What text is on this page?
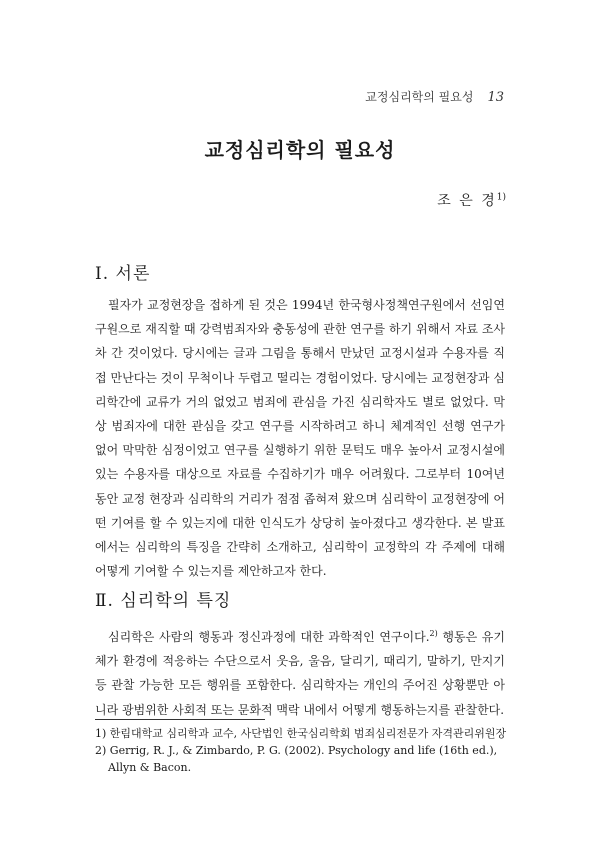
교정심리학의 필요성 13
교정심리학의 필요성
조 은 경$^{1)}$
Ⅰ. 서론

필자가 교정현장을 접하게 된 것은 1994년 한국형사정책연구원에서 선임연구원으로 재직할 때 강력범죄자와 충동성에 관한 연구를 하기 위해서 자료 조사차 간 것이었다. 당시에는 글과 그림을 통해서 만났던 교정시설과 수용자를 직접 만난다는 것이 무척이나 두렵고 떨리는 경험이었다. 당시에는 교정현장과 심리학간에 교류가 거의 없었고 범죄에 관심을 가진 심리학자도 별로 없었다. 막상 범죄자에 대한 관심을 갖고 연구를 시작하려고 하니 체계적인 선행 연구가 없어 막막한 심정이었고 연구를 실행하기 위한 문턱도 매우 높아서 교정시설에 있는 수용자를 대상으로 자료를 수집하기가 매우 어려웠다. 그로부터 10여년 동안 교정 현장과 심리학의 거리가 점점 좁혀져 왔으며 심리학이 교정현장에 어떤 기여를 할 수 있는지에 대한 인식도가 상당히 높아졌다고 생각한다. 본 발표에서는 심리학의 특징을 간략히 소개하고, 심리학이 교정학의 각 주제에 대해 어떻게 기여할 수 있는지를 제안하고자 한다.

Ⅱ. 심리학의 특징

심리학은 사람의 행동과 정신과정에 대한 과학적인 연구이다.$^{2)}$ 행동은 유기체가 환경에 적응하는 수단으로서 웃음, 울음, 달리기, 때리기, 말하기, 만지기 등 관찰 가능한 모든 행위를 포함한다. 심리학자는 개인의 주어진 상황뿐만 아니라 광범위한 사회적 또는 문화적 맥락 내에서 어떻게 행동하는지를 관찰한다.

1) 한림대학교 심리학과 교수, 사단법인 한국심리학회 범죄심리전문가 자격관리위원장
2) Gerrig, R. J., & Zimbardo, P. G. (2002). Psychology and life (16th ed.), Allyn & Bacon.
